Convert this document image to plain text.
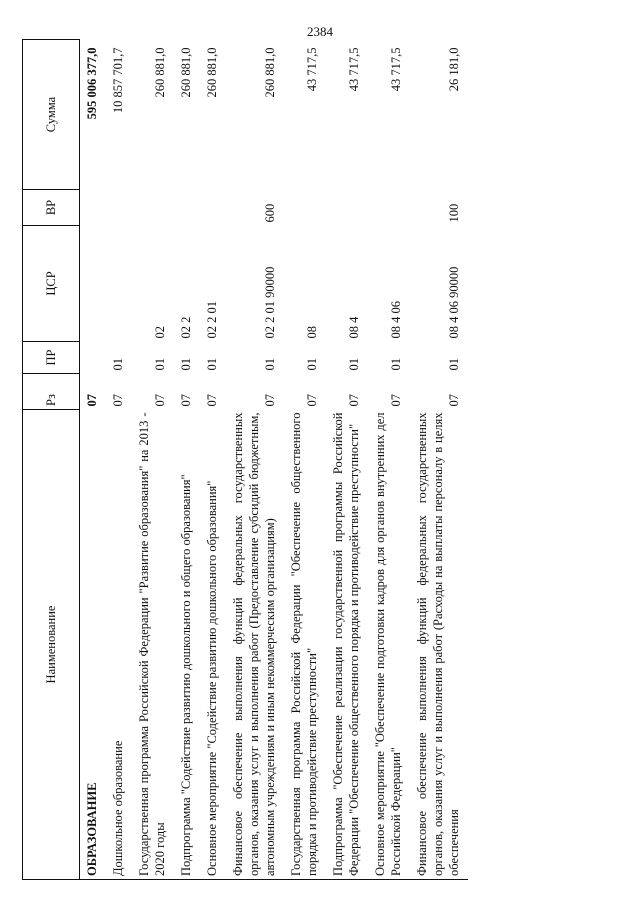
2384
Наименование	Рз	ПР	ЦСР	ВР	Сумма
ОБРАЗОВАНИЕ	07				595 006 377,0
Дошкольное образование	07	01			10 857 701,7
Государственная программа Российской Федерации "Развитие образования" на 2013 - 2020 годы	07	01	02		260 881,0
Подпрограмма "Содействие развитию дошкольного и общего образования"	07	01	02 2		260 881,0
Основное мероприятие "Содействие развитию дошкольного образования"	07	01	02 2 01		260 881,0
Финансовое обеспечение выполнения функций федеральных государственных органов, оказания услуг и выполнения работ (Предоставление субсидий бюджетным, автономным учреждениям и иным некоммерческим организациям)	07	01	02 2 01 90000	600	260 881,0
Государственная программа Российской Федерации "Обеспечение общественного порядка и противодействие преступности"	07	01	08		43 717,5
Подпрограмма "Обеспечение реализации государственной программы Российской Федерации "Обеспечение общественного порядка и противодействие преступности"	07	01	08 4		43 717,5
Основное мероприятие "Обеспечение подготовки кадров для органов внутренних дел Российской Федерации"	07	01	08 4 06		43 717,5
Финансовое обеспечение выполнения функций федеральных государственных органов, оказания услуг и выполнения работ (Расходы на выплаты персоналу в целях обеспечения	07	01	08 4 06 90000	100	26 181,0
